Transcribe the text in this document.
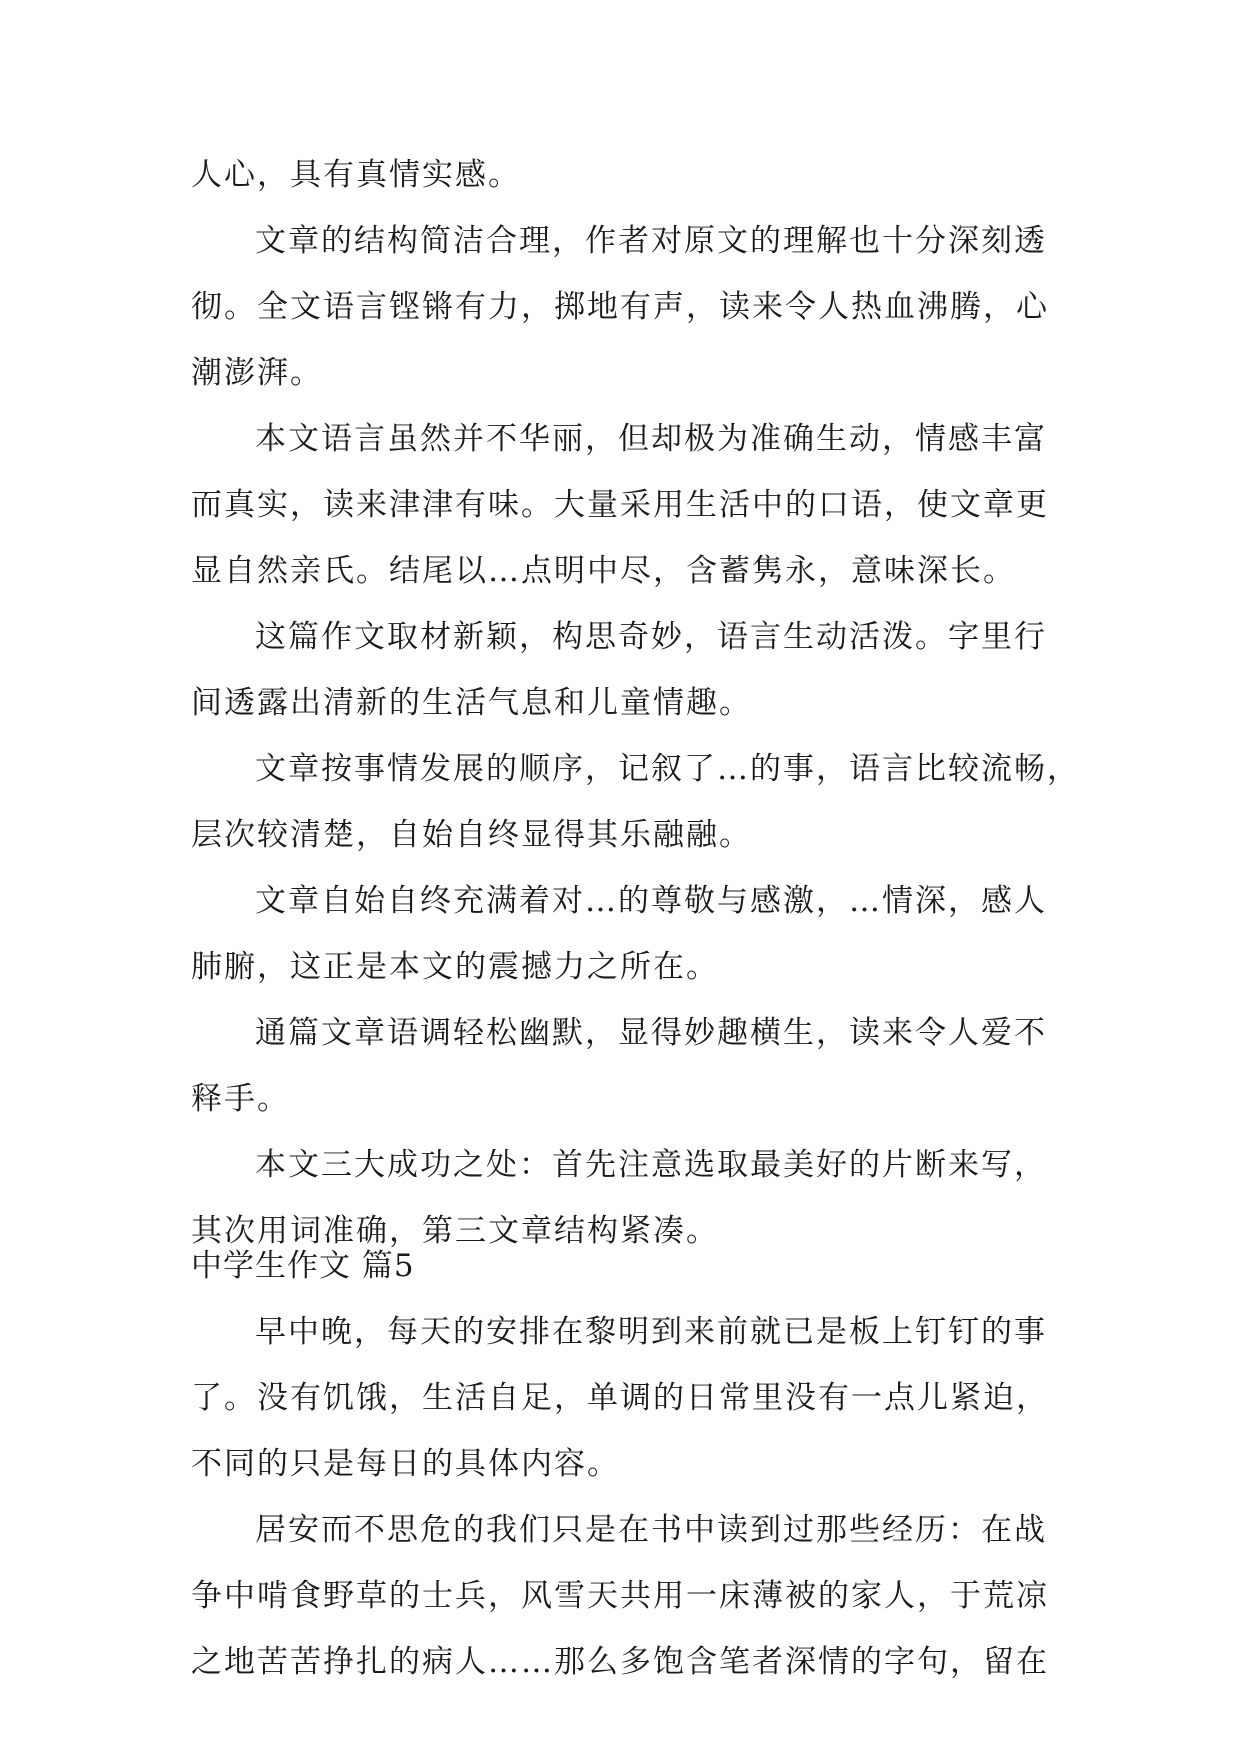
人心，具有真情实感。

文章的结构简洁合理，作者对原文的理解也十分深刻透

彻。全文语言铿锵有力，掷地有声，读来令人热血沸腾，心

潮澎湃。

本文语言虽然并不华丽，但却极为准确生动，情感丰富

而真实，读来津津有味。大量采用生活中的口语，使文章更

显自然亲氏。结尾以…点明中尽，含蓄隽永，意味深长。

这篇作文取材新颖，构思奇妙，语言生动活泼。字里行

间透露出清新的生活气息和儿童情趣。

文章按事情发展的顺序，记叙了…的事，语言比较流畅，

层次较清楚，自始自终显得其乐融融。

文章自始自终充满着对…的尊敬与感激，…情深，感人

肺腑，这正是本文的震撼力之所在。

通篇文章语调轻松幽默，显得妙趣横生，读来令人爱不

释手。

本文三大成功之处：首先注意选取最美好的片断来写，

其次用词准确，第三文章结构紧凑。

中学生作文 篇5

早中晚，每天的安排在黎明到来前就已是板上钉钉的事

了。没有饥饿，生活自足，单调的日常里没有一点儿紧迫，

不同的只是每日的具体内容。

居安而不思危的我们只是在书中读到过那些经历：在战

争中啃食野草的士兵，风雪天共用一床薄被的家人，于荒凉

之地苦苦挣扎的病人……那么多饱含笔者深情的字句，留在
